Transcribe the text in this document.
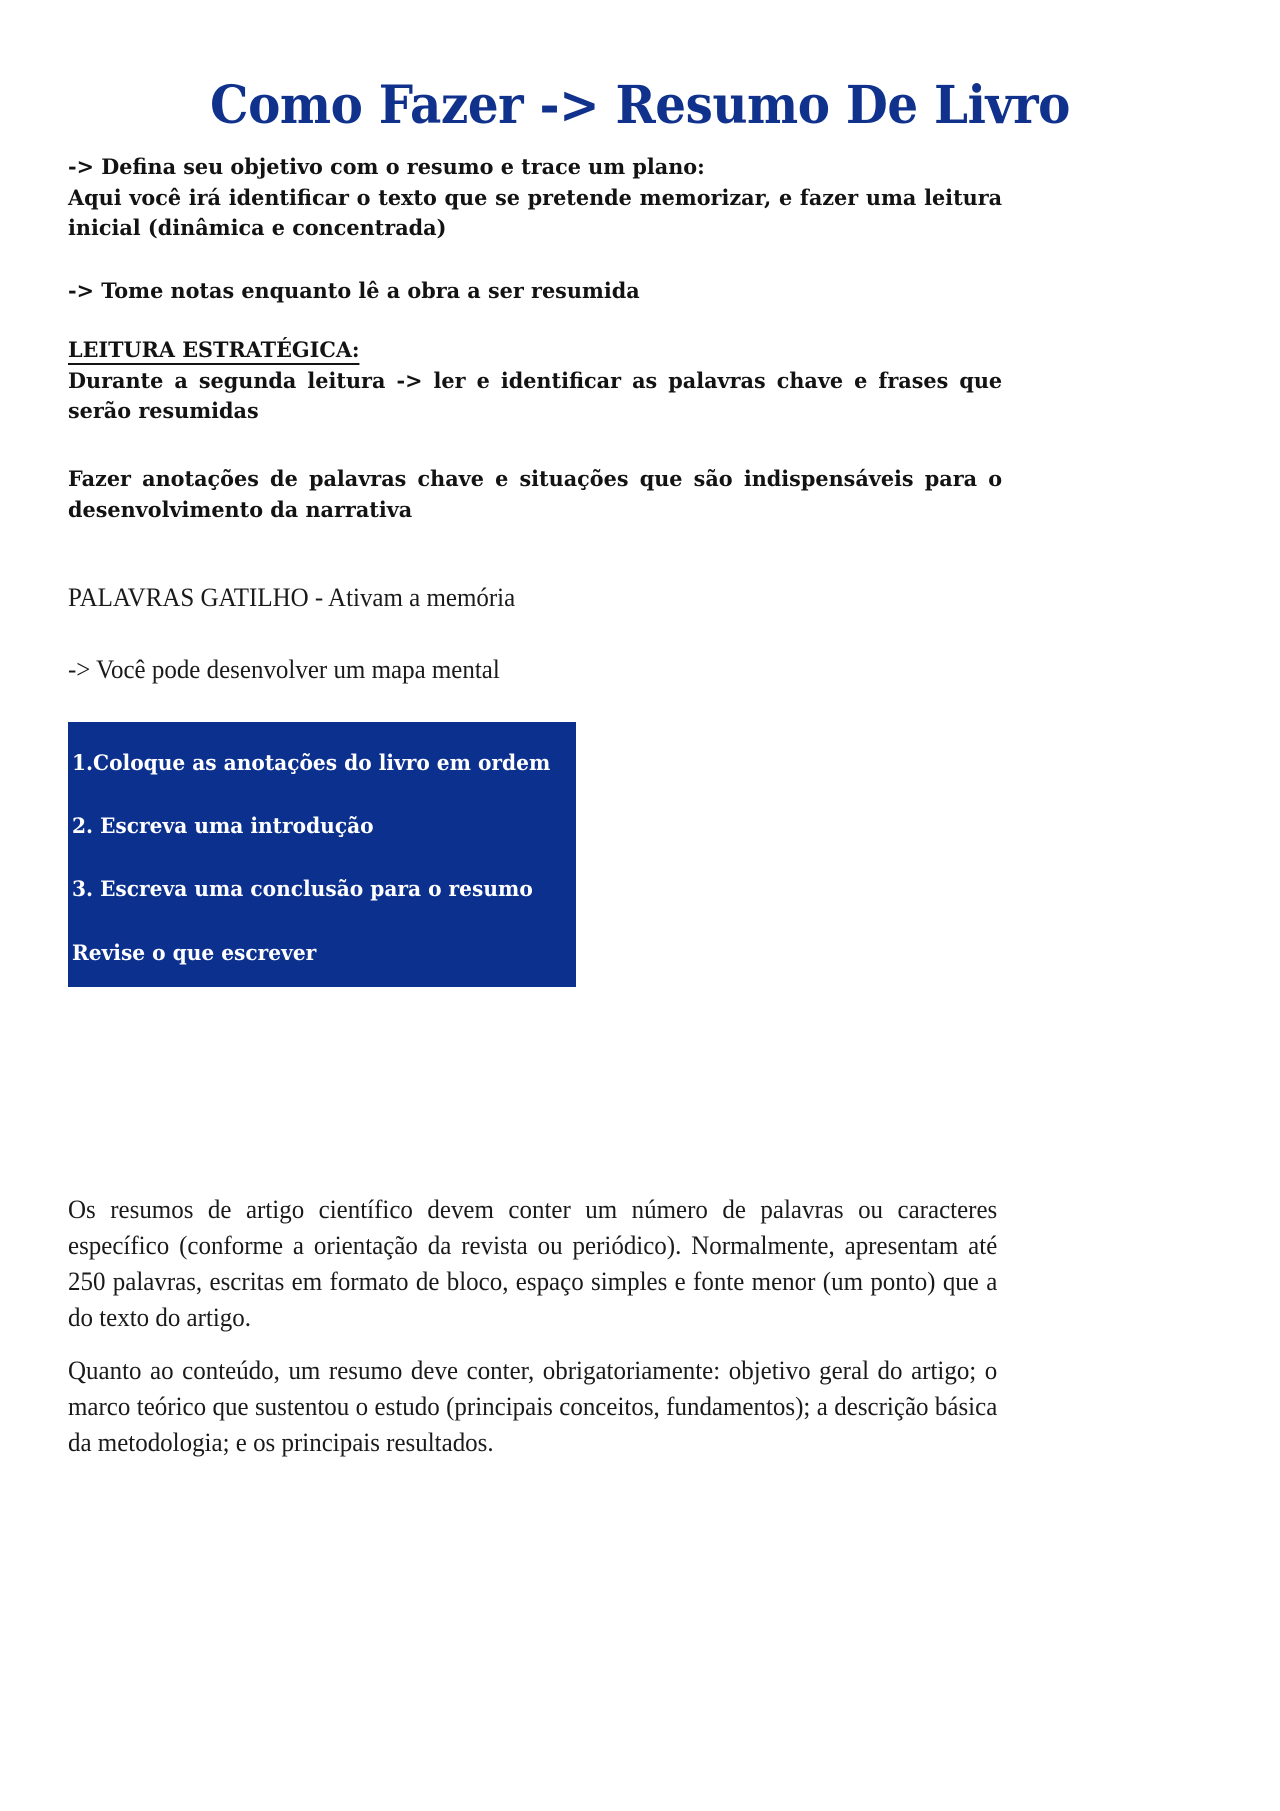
Como Fazer -> Resumo De Livro

-> Defina seu objetivo com o resumo e trace um plano:

Aqui você irá identificar o texto que se pretende memorizar, e fazer uma leitura inicial (dinâmica e concentrada)

-> Tome notas enquanto lê a obra a ser resumida

LEITURA ESTRATÉGICA:

Durante a segunda leitura -> ler e identificar as palavras chave e frases que serão resumidas

Fazer anotações de palavras chave e situações que são indispensáveis para o desenvolvimento da narrativa

PALAVRAS GATILHO - Ativam a memória

-> Você pode desenvolver um mapa mental

1.Coloque as anotações do livro em ordem
2. Escreva uma introdução
3. Escreva uma conclusão para o resumo
Revise o que escrever

Os resumos de artigo científico devem conter um número de palavras ou caracteres específico (conforme a orientação da revista ou periódico). Normalmente, apresentam até 250 palavras, escritas em formato de bloco, espaço simples e fonte menor (um ponto) que a do texto do artigo.

Quanto ao conteúdo, um resumo deve conter, obrigatoriamente: objetivo geral do artigo; o marco teórico que sustentou o estudo (principais conceitos, fundamentos); a descrição básica da metodologia; e os principais resultados.
